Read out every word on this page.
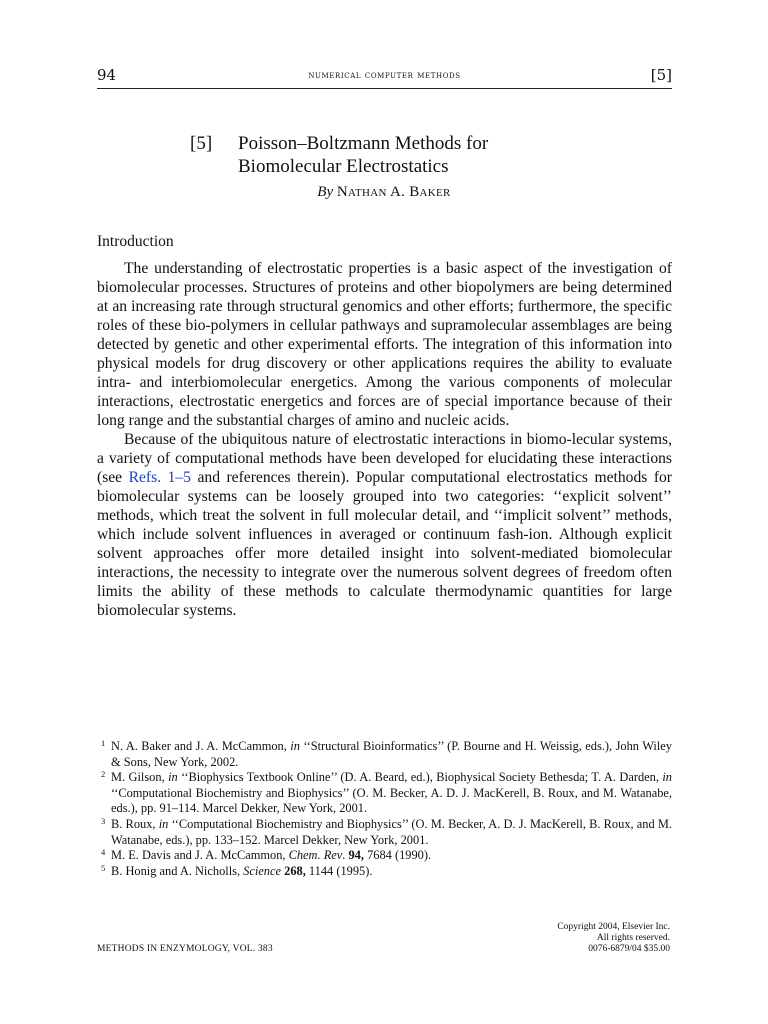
94	numerical computer methods	[5]
[5]	Poisson–Boltzmann Methods for
Biomolecular Electrostatics
By Nathan A. Baker
Introduction

The understanding of electrostatic properties is a basic aspect of the investigation of biomolecular processes. Structures of proteins and other biopolymers are being determined at an increasing rate through structural genomics and other efforts; furthermore, the specific roles of these bio-polymers in cellular pathways and supramolecular assemblages are being detected by genetic and other experimental efforts. The integration of this information into physical models for drug discovery or other applications requires the ability to evaluate intra- and interbiomolecular energetics. Among the various components of molecular interactions, electrostatic energetics and forces are of special importance because of their long range and the substantial charges of amino and nucleic acids.

Because of the ubiquitous nature of electrostatic interactions in biomo-lecular systems, a variety of computational methods have been developed for elucidating these interactions (see Refs. 1–5 and references therein). Popular computational electrostatics methods for biomolecular systems can be loosely grouped into two categories: ‘‘explicit solvent’’ methods, which treat the solvent in full molecular detail, and ‘‘implicit solvent’’ methods, which include solvent influences in averaged or continuum fash-ion. Although explicit solvent approaches offer more detailed insight into solvent-mediated biomolecular interactions, the necessity to integrate over the numerous solvent degrees of freedom often limits the ability of these methods to calculate thermodynamic quantities for large biomolecular systems.

1 N. A. Baker and J. A. McCammon, in ‘‘Structural Bioinformatics’’ (P. Bourne and H. Weissig, eds.), John Wiley & Sons, New York, 2002.

2 M. Gilson, in ‘‘Biophysics Textbook Online’’ (D. A. Beard, ed.), Biophysical Society Bethesda; T. A. Darden, in ‘‘Computational Biochemistry and Biophysics’’ (O. M. Becker, A. D. J. MacKerell, B. Roux, and M. Watanabe, eds.), pp. 91–114. Marcel Dekker, New York, 2001.

3 B. Roux, in ‘‘Computational Biochemistry and Biophysics’’ (O. M. Becker, A. D. J. MacKerell, B. Roux, and M. Watanabe, eds.), pp. 133–152. Marcel Dekker, New York, 2001.

4 M. E. Davis and J. A. McCammon, Chem. Rev. 94, 7684 (1990).

5 B. Honig and A. Nicholls, Science 268, 1144 (1995).

Copyright 2004, Elsevier Inc.
All rights reserved.
0076-6879/04 $35.00
METHODS IN ENZYMOLOGY, VOL. 383
